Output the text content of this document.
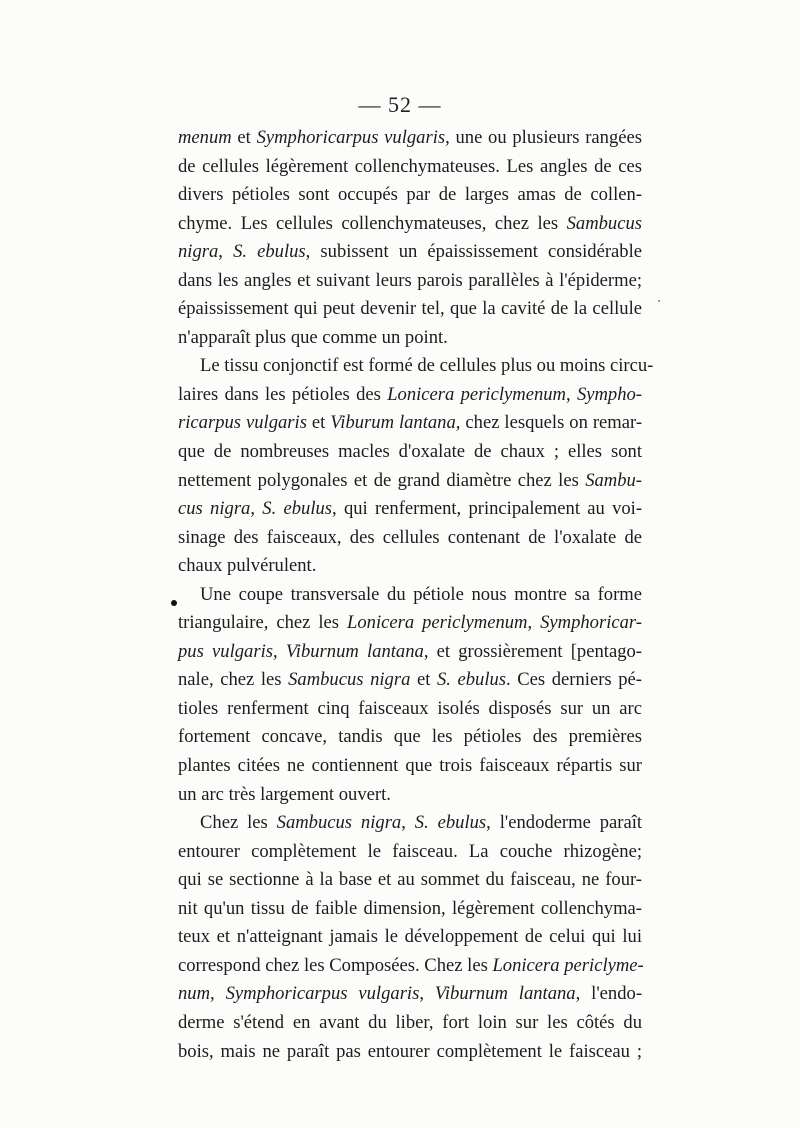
— 52 —
menum et Symphoricarpus vulgaris, une ou plusieurs rangées
de cellules légèrement collenchymateuses. Les angles de ces
divers pétioles sont occupés par de larges amas de collen-
chyme. Les cellules collenchymateuses, chez les Sambucus
nigra, S. ebulus, subissent un épaississement considérable
dans les angles et suivant leurs parois parallèles à l'épiderme;
épaississement qui peut devenir tel, que la cavité de la cellule
n'apparaît plus que comme un point.
Le tissu conjonctif est formé de cellules plus ou moins circu-
laires dans les pétioles des Lonicera periclymenum, Sympho-
ricarpus vulgaris et Viburum lantana, chez lesquels on remar-
que de nombreuses macles d'oxalate de chaux ; elles sont
nettement polygonales et de grand diamètre chez les Sambu-
cus nigra, S. ebulus, qui renferment, principalement au voi-
sinage des faisceaux, des cellules contenant de l'oxalate de
chaux pulvérulent.
Une coupe transversale du pétiole nous montre sa forme
triangulaire, chez les Lonicera periclymenum, Symphoricar-
pus vulgaris, Viburnum lantana, et grossièrement [pentago-
nale, chez les Sambucus nigra et S. ebulus. Ces derniers pé-
tioles renferment cinq faisceaux isolés disposés sur un arc
fortement concave, tandis que les pétioles des premières
plantes citées ne contiennent que trois faisceaux répartis sur
un arc très largement ouvert.
Chez les Sambucus nigra, S. ebulus, l'endoderme paraît
entourer complètement le faisceau. La couche rhizogène;
qui se sectionne à la base et au sommet du faisceau, ne four-
nit qu'un tissu de faible dimension, légèrement collenchyma-
teux et n'atteignant jamais le développement de celui qui lui
correspond chez les Composées. Chez les Lonicera periclyme-
num, Symphoricarpus vulgaris, Viburnum lantana, l'endo-
derme s'étend en avant du liber, fort loin sur les côtés du
bois, mais ne paraît pas entourer complètement le faisceau ;
